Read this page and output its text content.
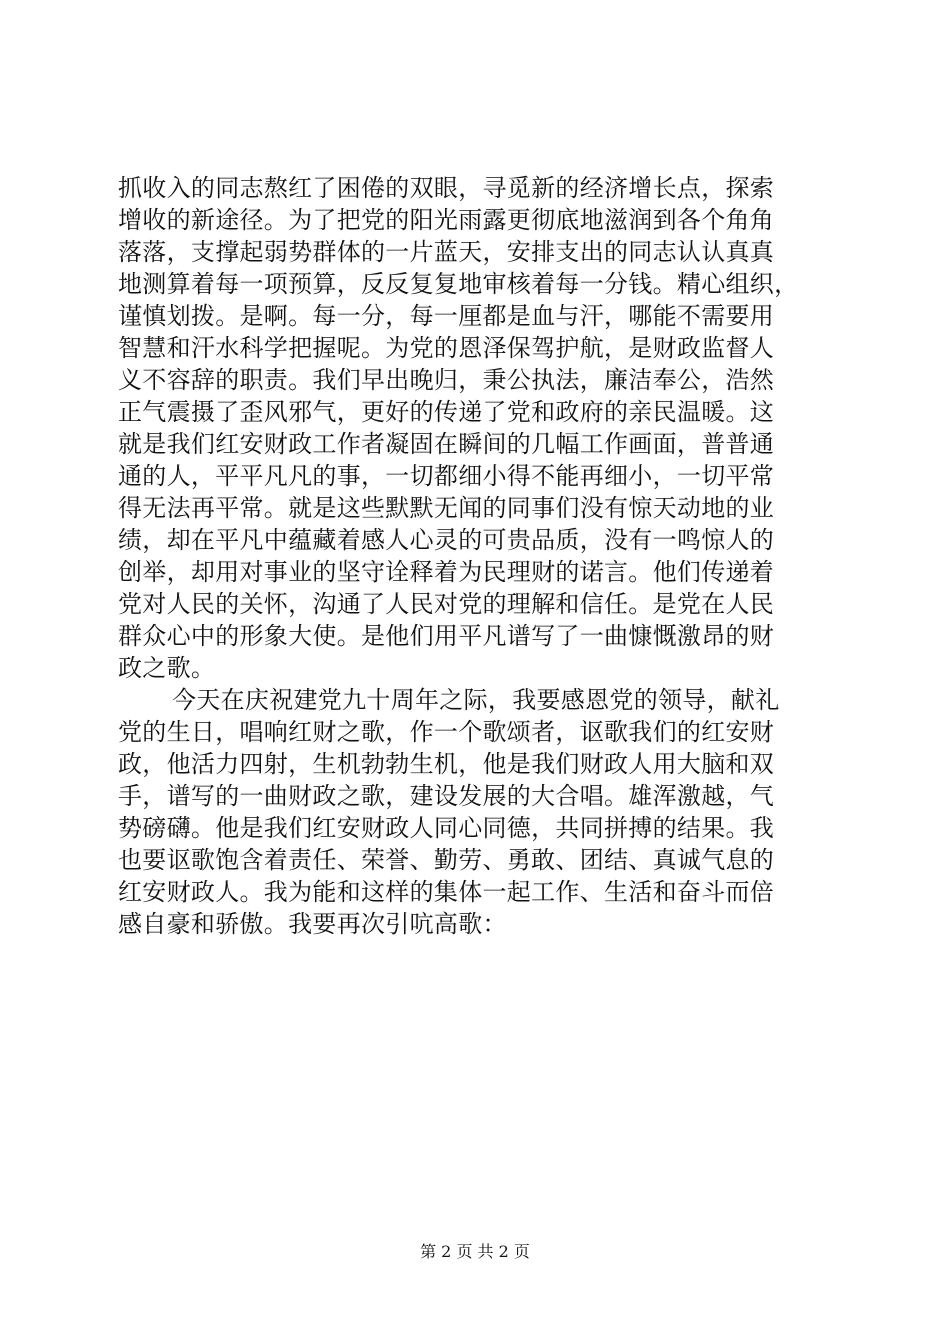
抓收入的同志熬红了困倦的双眼，寻觅新的经济增长点，探索
增收的新途径。为了把党的阳光雨露更彻底地滋润到各个角角
落落，支撑起弱势群体的一片蓝天，安排支出的同志认认真真
地测算着每一项预算，反反复复地审核着每一分钱。精心组织，
谨慎划拨。是啊。每一分，每一厘都是血与汗，哪能不需要用
智慧和汗水科学把握呢。为党的恩泽保驾护航，是财政监督人
义不容辞的职责。我们早出晚归，秉公执法，廉洁奉公，浩然
正气震摄了歪风邪气，更好的传递了党和政府的亲民温暖。这
就是我们红安财政工作者凝固在瞬间的几幅工作画面，普普通
通的人，平平凡凡的事，一切都细小得不能再细小，一切平常
得无法再平常。就是这些默默无闻的同事们没有惊天动地的业
绩，却在平凡中蕴藏着感人心灵的可贵品质，没有一鸣惊人的
创举，却用对事业的坚守诠释着为民理财的诺言。他们传递着
党对人民的关怀，沟通了人民对党的理解和信任。是党在人民
群众心中的形象大使。是他们用平凡谱写了一曲慷慨激昂的财
政之歌。
今天在庆祝建党九十周年之际，我要感恩党的领导，献礼
党的生日，唱响红财之歌，作一个歌颂者，讴歌我们的红安财
政，他活力四射，生机勃勃生机，他是我们财政人用大脑和双
手，谱写的一曲财政之歌，建设发展的大合唱。雄浑激越，气
势磅礴。他是我们红安财政人同心同德，共同拼搏的结果。我
也要讴歌饱含着责任、荣誉、勤劳、勇敢、团结、真诚气息的
红安财政人。我为能和这样的集体一起工作、生活和奋斗而倍
感自豪和骄傲。我要再次引吭高歌：
第 2 页 共 2 页
